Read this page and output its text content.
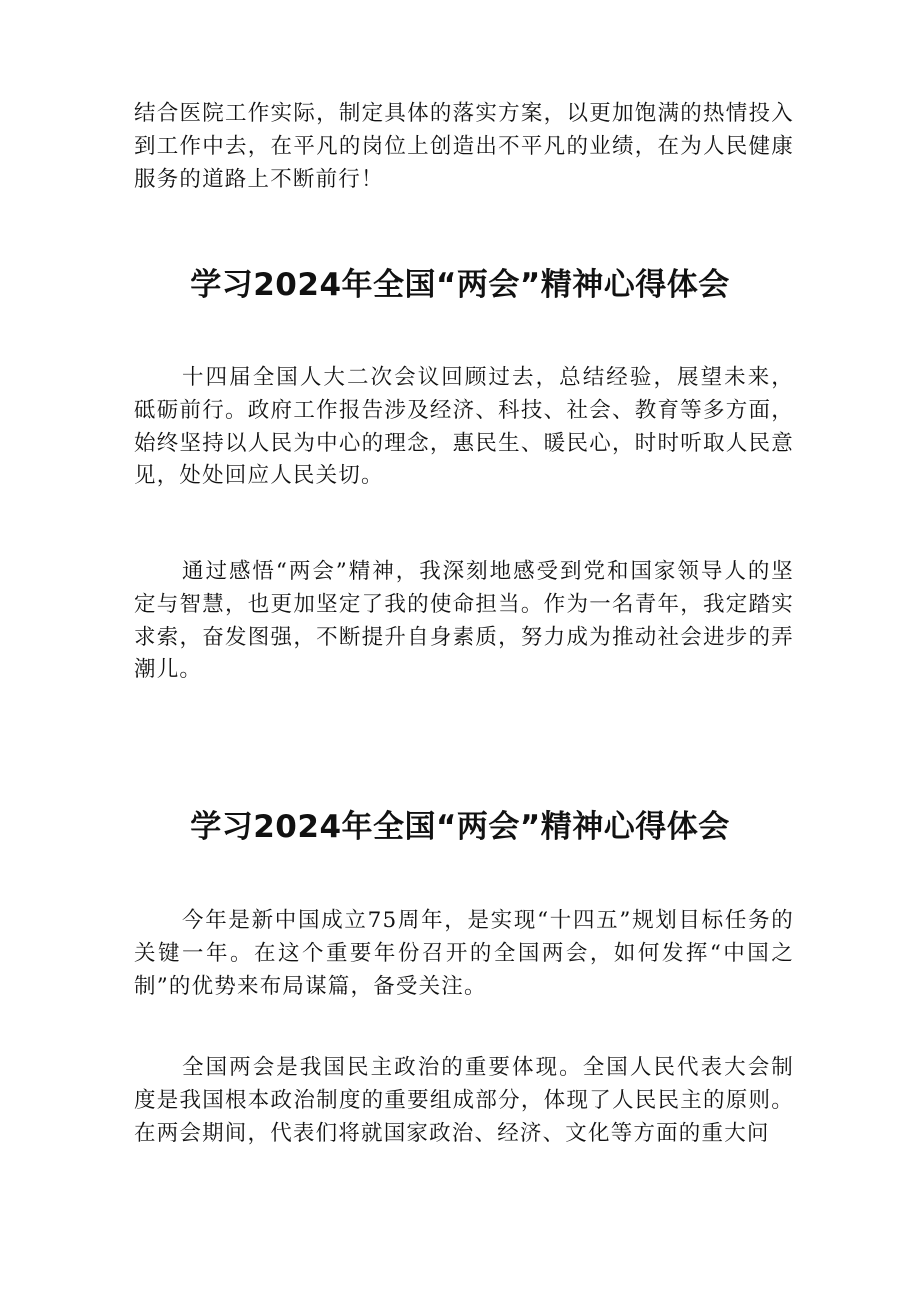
结合医院工作实际，制定具体的落实方案，以更加饱满的热情投入到工作中去，在平凡的岗位上创造出不平凡的业绩，在为人民健康服务的道路上不断前行！

学习2024年全国“两会”精神心得体会

十四届全国人大二次会议回顾过去，总结经验，展望未来，砥砺前行。政府工作报告涉及经济、科技、社会、教育等多方面，始终坚持以人民为中心的理念，惠民生、暖民心，时时听取人民意见，处处回应人民关切。

通过感悟“两会”精神，我深刻地感受到党和国家领导人的坚定与智慧，也更加坚定了我的使命担当。作为一名青年，我定踏实求索，奋发图强，不断提升自身素质，努力成为推动社会进步的弄潮儿。

学习2024年全国“两会”精神心得体会

今年是新中国成立75周年，是实现“十四五”规划目标任务的关键一年。在这个重要年份召开的全国两会，如何发挥“中国之制”的优势来布局谋篇，备受关注。

全国两会是我国民主政治的重要体现。全国人民代表大会制度是我国根本政治制度的重要组成部分，体现了人民民主的原则。在两会期间，代表们将就国家政治、经济、文化等方面的重大问
